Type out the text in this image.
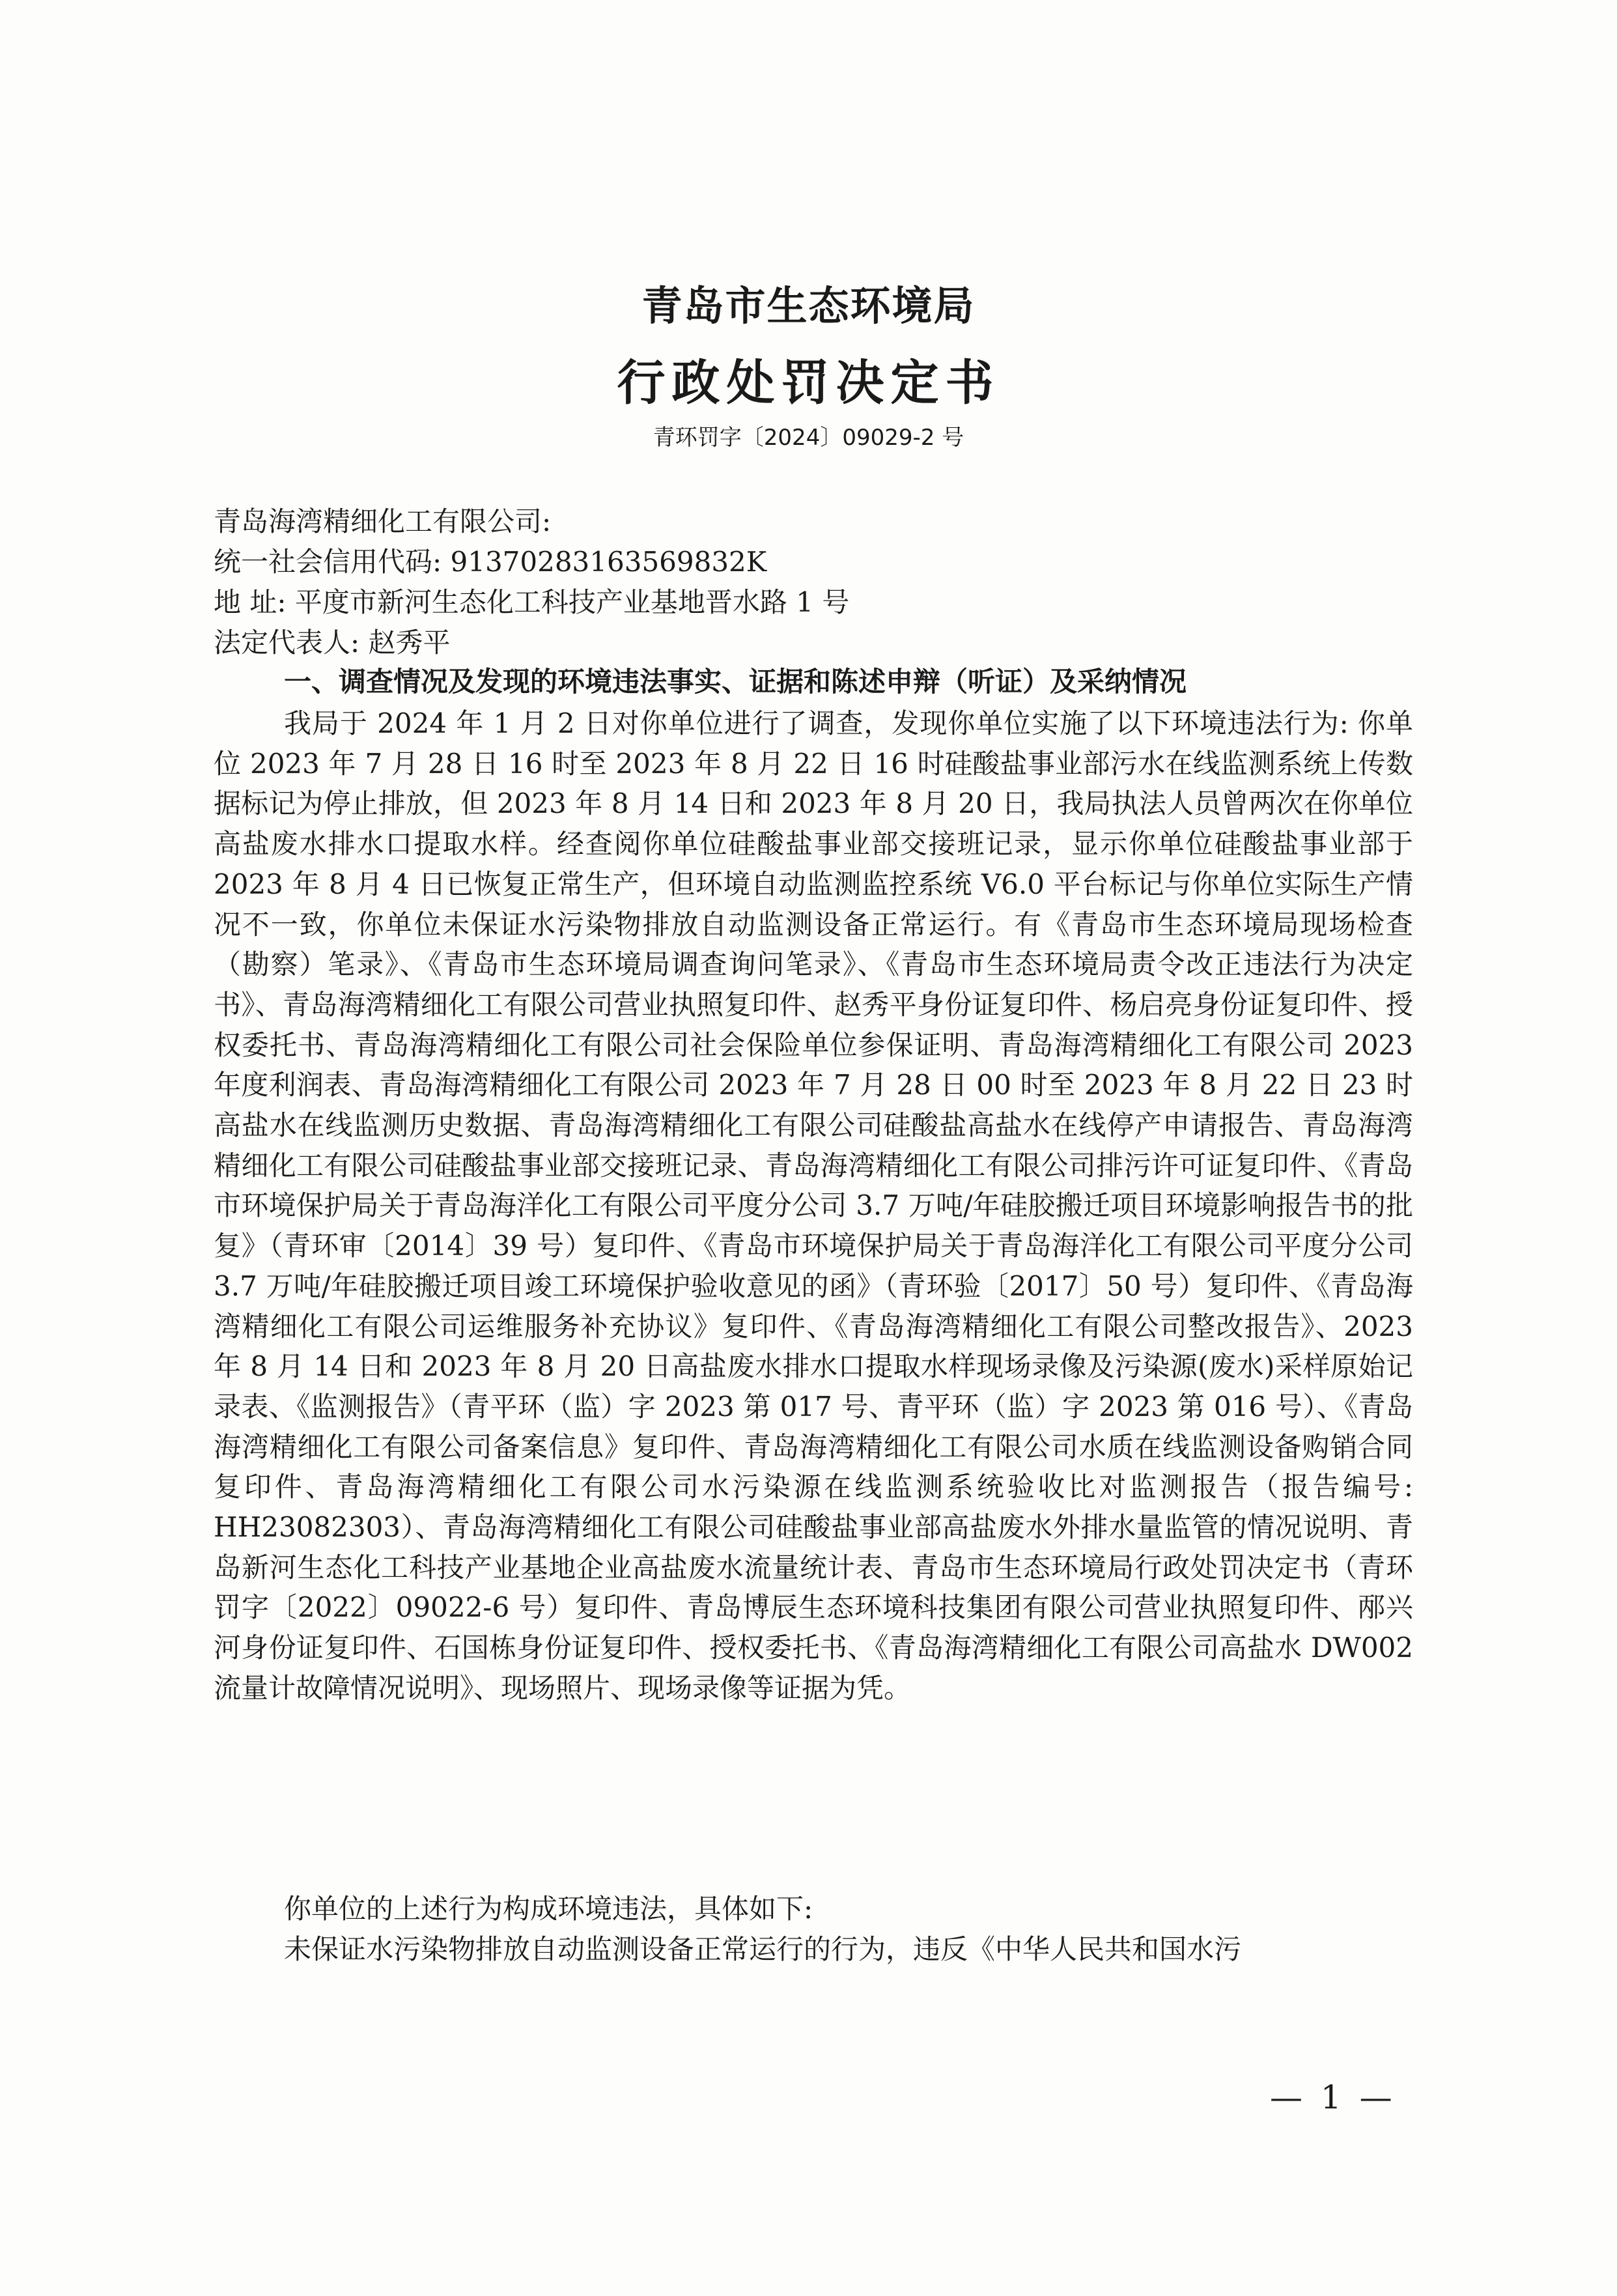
青岛市生态环境局
行政处罚决定书
青环罚字〔2024〕09029-2 号
青岛海湾精细化工有限公司:
统一社会信用代码: 91370283163569832K
地 址: 平度市新河生态化工科技产业基地晋水路 1 号
法定代表人: 赵秀平
一、调查情况及发现的环境违法事实、证据和陈述申辩（听证）及采纳情况

我局于 2024 年 1 月 2 日对你单位进行了调查，发现你单位实施了以下环境违法行为: 你单位 2023 年 7 月 28 日 16 时至 2023 年 8 月 22 日 16 时硅酸盐事业部污水在线监测系统上传数据标记为停止排放，但 2023 年 8 月 14 日和 2023 年 8 月 20 日，我局执法人员曾两次在你单位高盐废水排水口提取水样。经查阅你单位硅酸盐事业部交接班记录，显示你单位硅酸盐事业部于 2023 年 8 月 4 日已恢复正常生产，但环境自动监测监控系统 V6.0 平台标记与你单位实际生产情况不一致，你单位未保证水污染物排放自动监测设备正常运行。有《青岛市生态环境局现场检查（勘察）笔录》、《青岛市生态环境局调查询问笔录》、《青岛市生态环境局责令改正违法行为决定书》、青岛海湾精细化工有限公司营业执照复印件、赵秀平身份证复印件、杨启亮身份证复印件、授权委托书、青岛海湾精细化工有限公司社会保险单位参保证明、青岛海湾精细化工有限公司 2023 年度利润表、青岛海湾精细化工有限公司 2023 年 7 月 28 日 00 时至 2023 年 8 月 22 日 23 时高盐水在线监测历史数据、青岛海湾精细化工有限公司硅酸盐高盐水在线停产申请报告、青岛海湾精细化工有限公司硅酸盐事业部交接班记录、青岛海湾精细化工有限公司排污许可证复印件、《青岛市环境保护局关于青岛海洋化工有限公司平度分公司 3.7 万吨/年硅胶搬迁项目环境影响报告书的批复》（青环审〔2014〕39 号）复印件、《青岛市环境保护局关于青岛海洋化工有限公司平度分公司 3.7 万吨/年硅胶搬迁项目竣工环境保护验收意见的函》（青环验〔2017〕50 号）复印件、《青岛海湾精细化工有限公司运维服务补充协议》复印件、《青岛海湾精细化工有限公司整改报告》、2023 年 8 月 14 日和 2023 年 8 月 20 日高盐废水排水口提取水样现场录像及污染源(废水)采样原始记录表、《监测报告》（青平环（监）字 2023 第 017 号、青平环（监）字 2023 第 016 号）、《青岛海湾精细化工有限公司备案信息》复印件、青岛海湾精细化工有限公司水质在线监测设备购销合同复印件、青岛海湾精细化工有限公司水污染源在线监测系统验收比对监测报告（报告编号: HH23082303）、青岛海湾精细化工有限公司硅酸盐事业部高盐废水外排水量监管的情况说明、青岛新河生态化工科技产业基地企业高盐废水流量统计表、青岛市生态环境局行政处罚决定书（青环罚字〔2022〕09022-6 号）复印件、青岛博辰生态环境科技集团有限公司营业执照复印件、邴兴河身份证复印件、石国栋身份证复印件、授权委托书、《青岛海湾精细化工有限公司高盐水 DW002 流量计故障情况说明》、现场照片、现场录像等证据为凭。

你单位的上述行为构成环境违法，具体如下:

未保证水污染物排放自动监测设备正常运行的行为，违反《中华人民共和国水污

— 1 —
